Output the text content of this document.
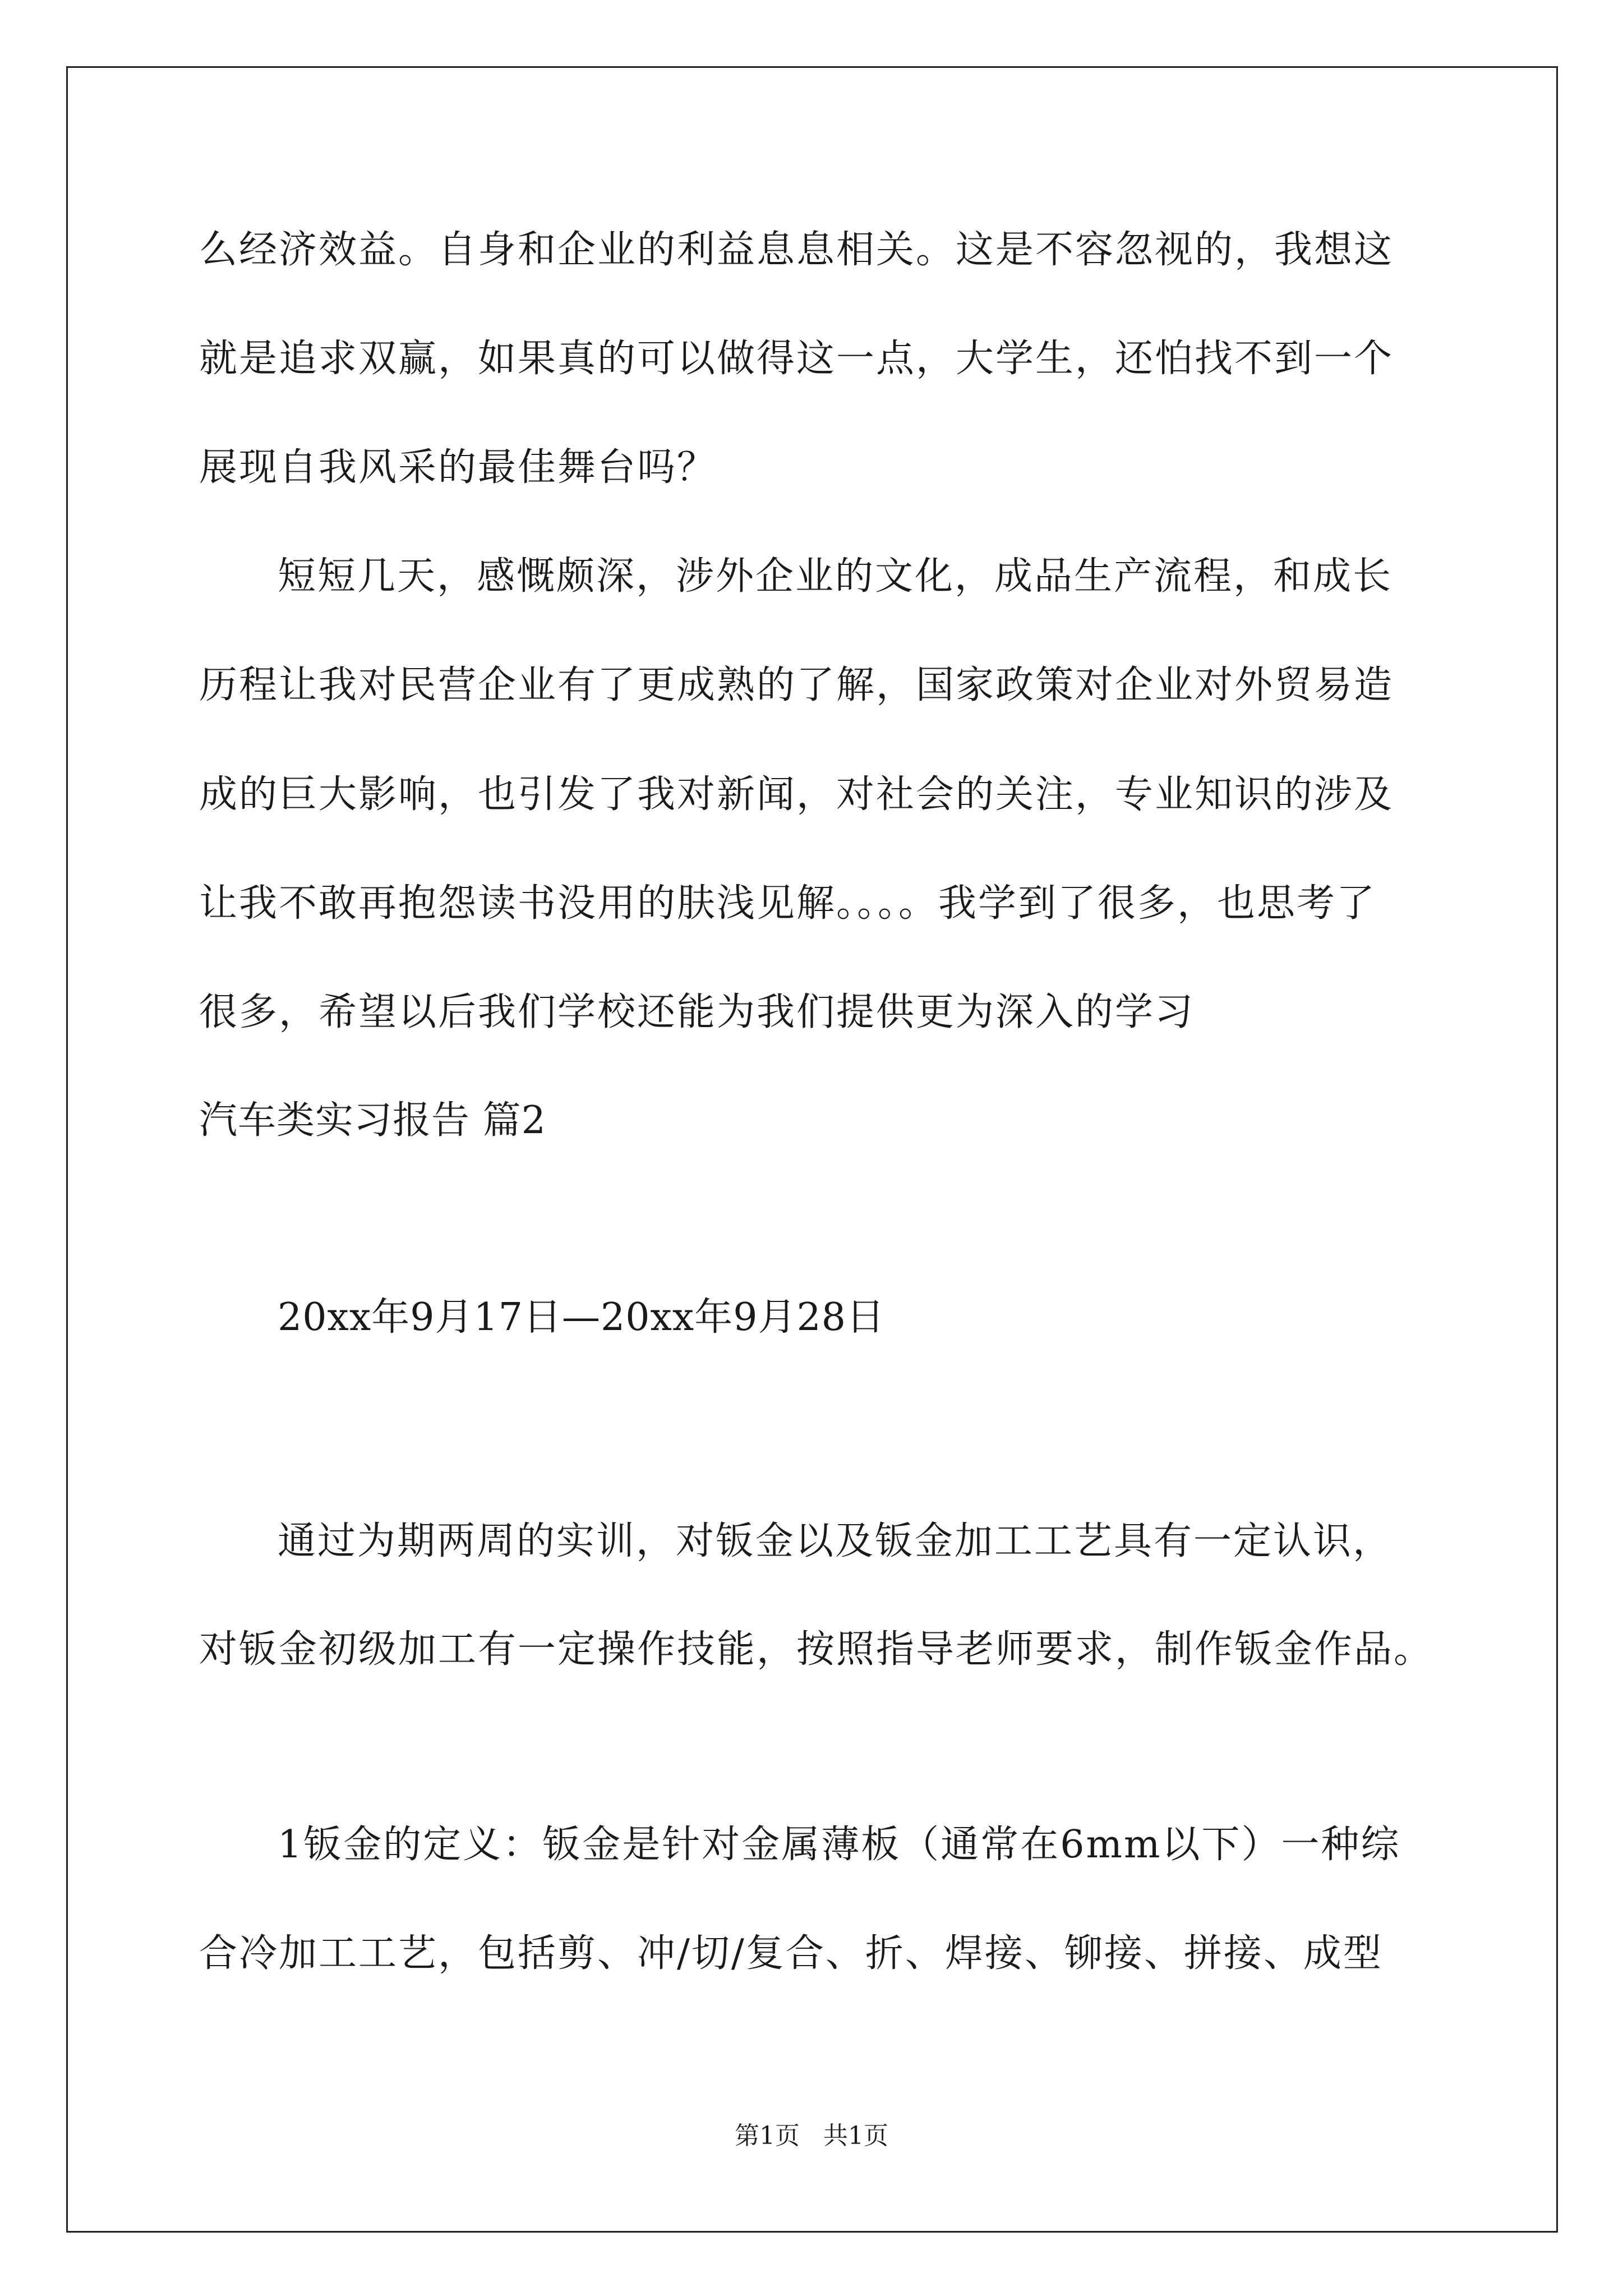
么经济效益。自身和企业的利益息息相关。这是不容忽视的，我想这
就是追求双赢，如果真的可以做得这一点，大学生，还怕找不到一个
展现自我风采的最佳舞台吗？
短短几天，感慨颇深，涉外企业的文化，成品生产流程，和成长
历程让我对民营企业有了更成熟的了解，国家政策对企业对外贸易造
成的巨大影响，也引发了我对新闻，对社会的关注，专业知识的涉及
让我不敢再抱怨读书没用的肤浅见解。。。。我学到了很多，也思考了
很多，希望以后我们学校还能为我们提供更为深入的学习
汽车类实习报告 篇2
20xx年9月17日—20xx年9月28日
通过为期两周的实训，对钣金以及钣金加工工艺具有一定认识，
对钣金初级加工有一定操作技能，按照指导老师要求，制作钣金作品。
1钣金的定义：钣金是针对金属薄板（通常在6mm以下）一种综
合冷加工工艺，包括剪、冲/切/复合、折、焊接、铆接、拼接、成型
第1页   共1页
